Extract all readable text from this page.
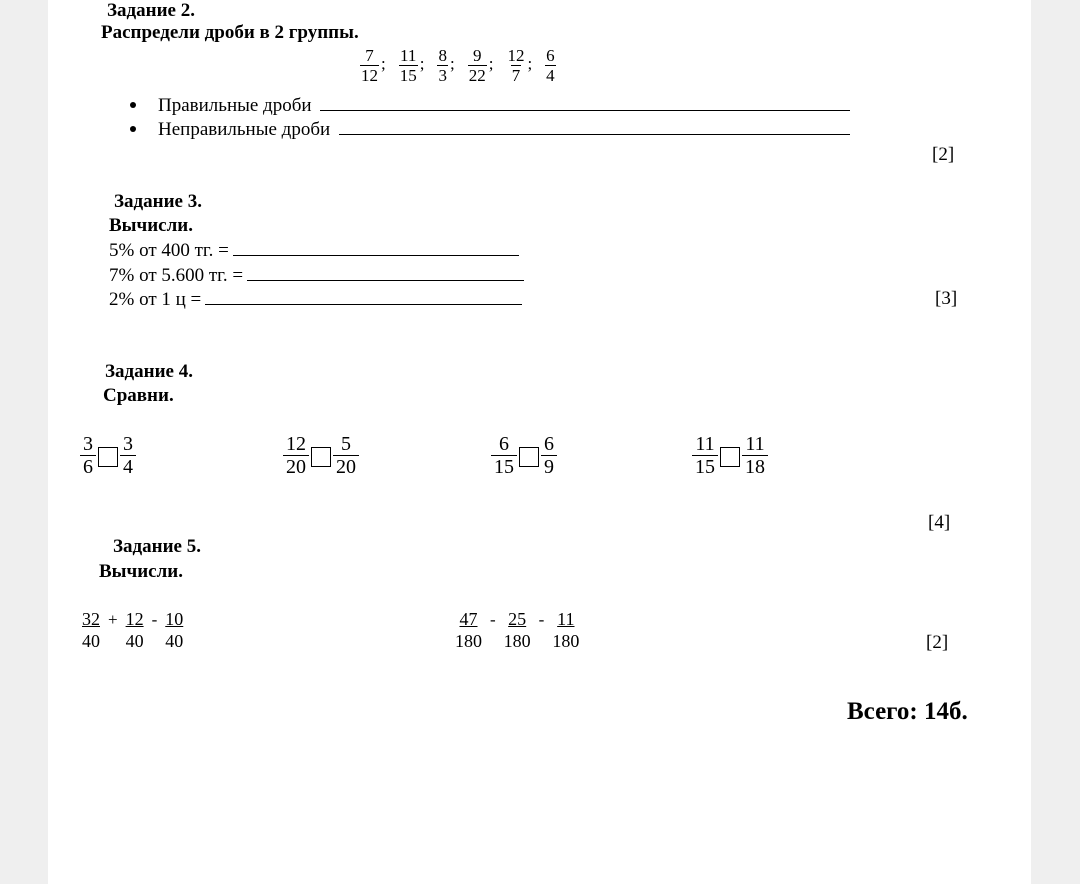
Задание 2.
Распредели дроби в 2 группы.
$\frac{7}{12}$ ; $\frac{11}{15}$ ; $\frac{8}{3}$ ; $\frac{9}{22}$ ; $\frac{12}{7}$ ; $\frac{6}{4}$
Правильные дроби
Неправильные дроби
[2]
Задание 3.
Вычисли.
5% от 400 тг. =
7% от 5.600 тг. =
2% от 1 ц =	[3]
Задание 4.
Сравни.
$\frac{3}{6} \frac{3}{4}$	$\frac{12}{20} \frac{5}{20}$	$\frac{6}{15} \frac{6}{9}$	$\frac{11}{15} \frac{11}{18}$
[4]
Задание 5.
Вычисли.
$\frac{32}{40} + \frac{12}{40} - \frac{10}{40}$	$\frac{47}{180} - \frac{25}{180} - \frac{11}{180}$	[2]
Всего: 14б.
